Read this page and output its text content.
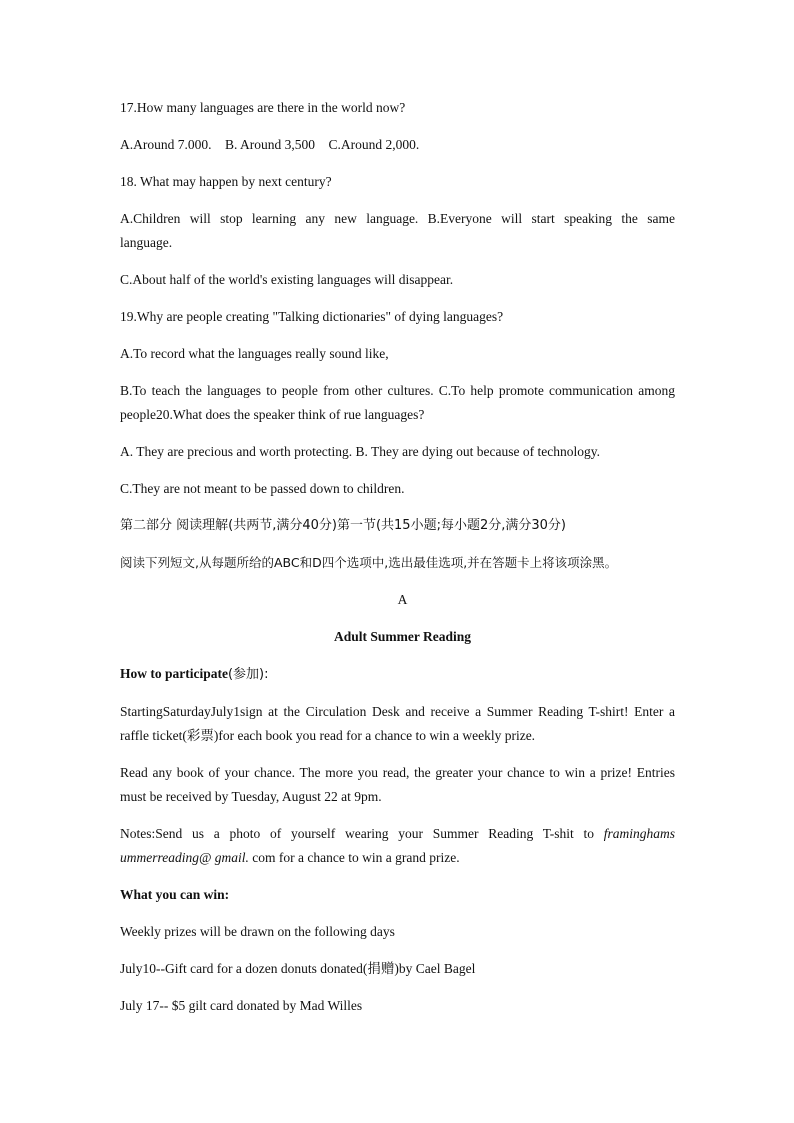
17.How many languages are there in the world now?

A.Around 7.000.    B. Around 3,500    C.Around 2,000.

18. What may happen by next century?

A.Children will stop learning any new language. B.Everyone will start speaking the same

language.

C.About half of the world's existing languages will disappear.

19.Why are people creating "Talking dictionaries" of dying languages?

A.To record what the languages really sound like,

B.To teach the languages to people from other cultures. C.To help promote communication among

people20.What does the speaker think of rue languages?

A. They are precious and worth protecting. B. They are dying out because of technology.

C.They are not meant to be passed down to children.

第二部分 阅读理解(共两节,满分40分)第一节(共15小题;每小题2分,满分30分)

阅读下列短文,从每题所给的ABC和D四个选项中,选出最佳选项,并在答题卡上将该项涂黑。

A

Adult Summer Reading

How to participate(参加):

StartingSaturdayJuly1sign at the Circulation Desk and receive a Summer Reading T-shirt! Enter a

raffle ticket(彩票)for each book you read for a chance to win a weekly prize.

Read any book of your chance. The more you read, the greater your chance to win a prize! Entries

must be received by Tuesday, August 22 at 9pm.

Notes:Send us a photo of yourself wearing your Summer Reading T-shit to framinghams

ummerreading@ gmail. com for a chance to win a grand prize.

What you can win:

Weekly prizes will be drawn on the following days

July10--Gift card for a dozen donuts donated(捐赠)by Cael Bagel

July 17-- $5 gilt card donated by Mad Willes
